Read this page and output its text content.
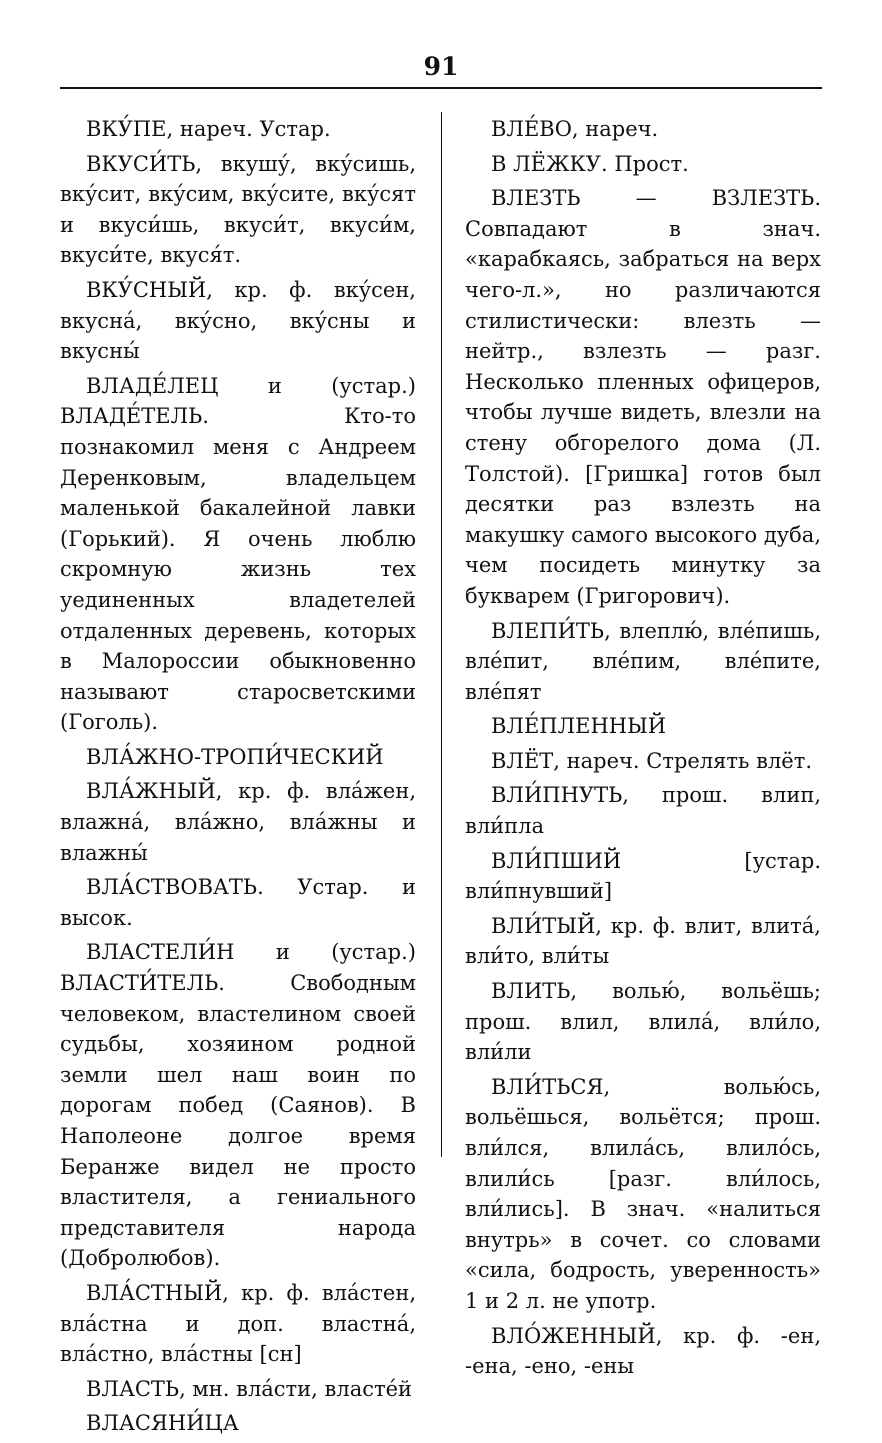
91

ВКУ́ПЕ, нареч. Устар.

ВКУСИ́ТЬ, вкушу́, вку́сишь, вку́сит, вку́сим, вку́сите, вку́сят и вкуси́шь, вкуси́т, вкуси́м, вкуси́те, вкуся́т.

ВКУ́СНЫЙ, кр. ф. вку́сен, вкусна́, вку́сно, вку́сны и вкусны́

ВЛАДЕ́ЛЕЦ и (устар.) ВЛАДЕ́ТЕЛЬ. Кто-то познакомил меня с Андреем Деренковым, владельцем маленькой бакалейной лавки (Горький). Я очень люблю скромную жизнь тех уединенных владетелей отдаленных деревень, которых в Малороссии обыкновенно называют старосветскими (Гоголь).

ВЛА́ЖНО-ТРОПИ́ЧЕСКИЙ

ВЛА́ЖНЫЙ, кр. ф. вла́жен, влажна́, вла́жно, вла́жны и влажны́

ВЛА́СТВОВАТЬ. Устар. и высок.

ВЛАСТЕЛИ́Н и (устар.) ВЛАСТИ́ТЕЛЬ. Свободным человеком, властелином своей судьбы, хозяином родной земли шел наш воин по дорогам побед (Саянов). В Наполеоне долгое время Беранже видел не просто властителя, а гениального представителя народа (Добролюбов).

ВЛА́СТНЫЙ, кр. ф. вла́стен, вла́стна и доп. властна́, вла́стно, вла́стны [сн]

ВЛАСТЬ, мн. вла́сти, власте́й

ВЛАСЯНИ́ЦА

ВЛЕ́ВО, нареч.

В ЛЁЖКУ. Прост.

ВЛЕЗТЬ — ВЗЛЕЗТЬ. Совпадают в знач. «карабкаясь, забраться на верх чего-л.», но различаются стилистически: влезть — нейтр., взлезть — разг. Несколько пленных офицеров, чтобы лучше видеть, влезли на стену обгорелого дома (Л. Толстой). [Гришка] готов был десятки раз взлезть на макушку самого высокого дуба, чем посидеть минутку за букварем (Григорович).

ВЛЕПИ́ТЬ, влеплю́, вле́пишь, вле́пит, вле́пим, вле́пите, вле́пят

ВЛЕ́ПЛЕННЫЙ

ВЛЁТ, нареч. Стрелять влёт.

ВЛИ́ПНУТЬ, прош. влип, вли́пла

ВЛИ́ПШИЙ [устар. вли́пнувший]

ВЛИ́ТЫЙ, кр. ф. влит, влита́, вли́то, вли́ты

ВЛИТЬ, волью́, вольёшь; прош. влил, влила́, вли́ло, вли́ли

ВЛИ́ТЬСЯ, волью́сь, вольёшься, вольётся; прош. вли́лся, влила́сь, влило́сь, влили́сь [разг. вли́лось, вли́лись]. В знач. «налиться внутрь» в сочет. со словами «сила, бодрость, уверенность» 1 и 2 л. не употр.

ВЛО́ЖЕННЫЙ, кр. ф. -ен, -ена, -ено, -ены
